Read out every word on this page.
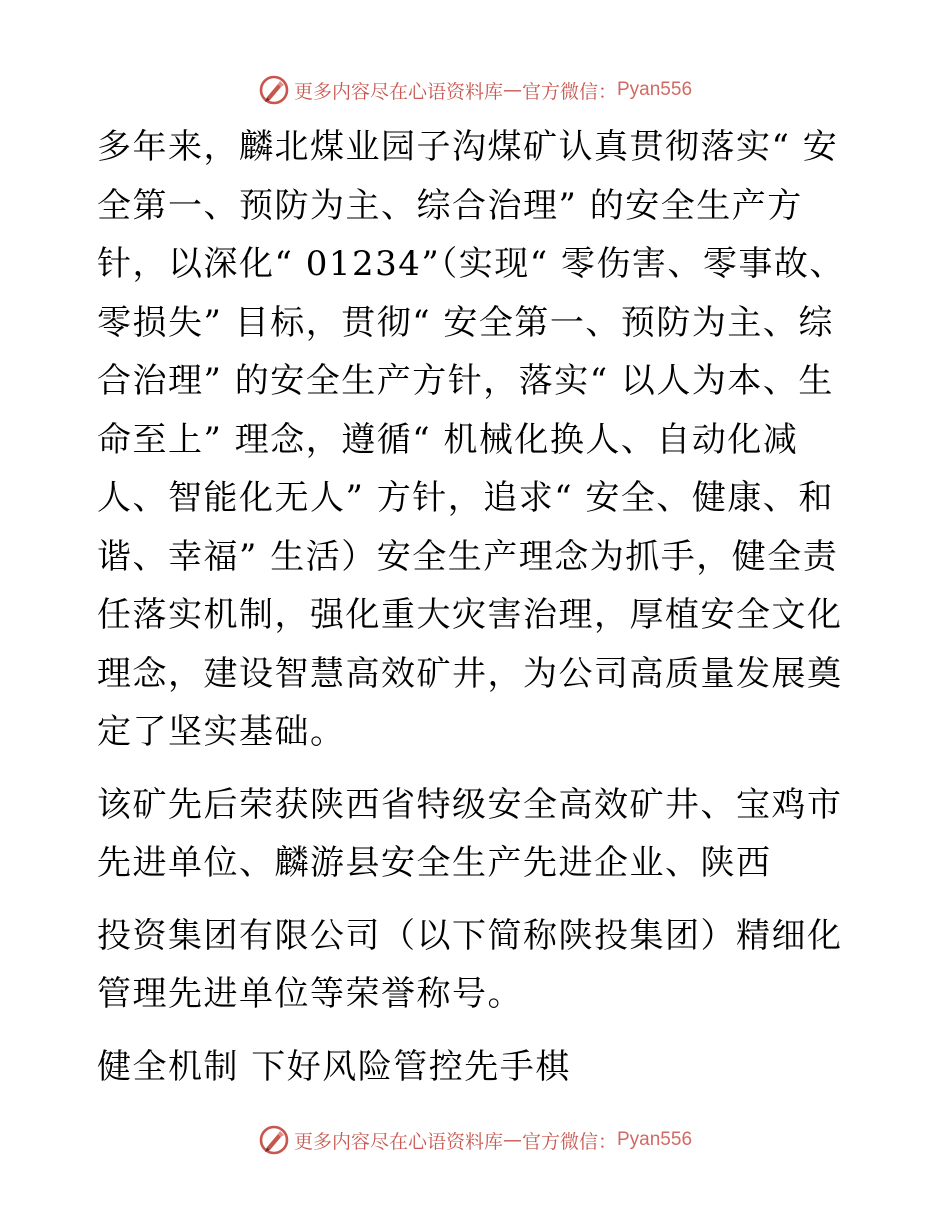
更多内容尽在心语资料库 — 官方微信： Pyan556

多年来，麟北煤业园子沟煤矿认真贯彻落实“ 安全第一、预防为主、综合治理” 的安全生产方针，以深化“ 01234”（实现“ 零伤害、零事故、零损失” 目标，贯彻“ 安全第一、预防为主、综合治理” 的安全生产方针，落实“ 以人为本、生命至上” 理念，遵循“ 机械化换人、自动化减人、智能化无人” 方针，追求“ 安全、健康、和谐、幸福” 生活）安全生产理念为抓手，健全责任落实机制，强化重大灾害治理，厚植安全文化理念，建设智慧高效矿井，为公司高质量发展奠定了坚实基础。

该矿先后荣获陕西省特级安全高效矿井、宝鸡市先进单位、麟游县安全生产先进企业、陕西

投资集团有限公司（以下简称陕投集团）精细化管理先进单位等荣誉称号。

健全机制 下好风险管控先手棋

更多内容尽在心语资料库 — 官方微信： Pyan556
